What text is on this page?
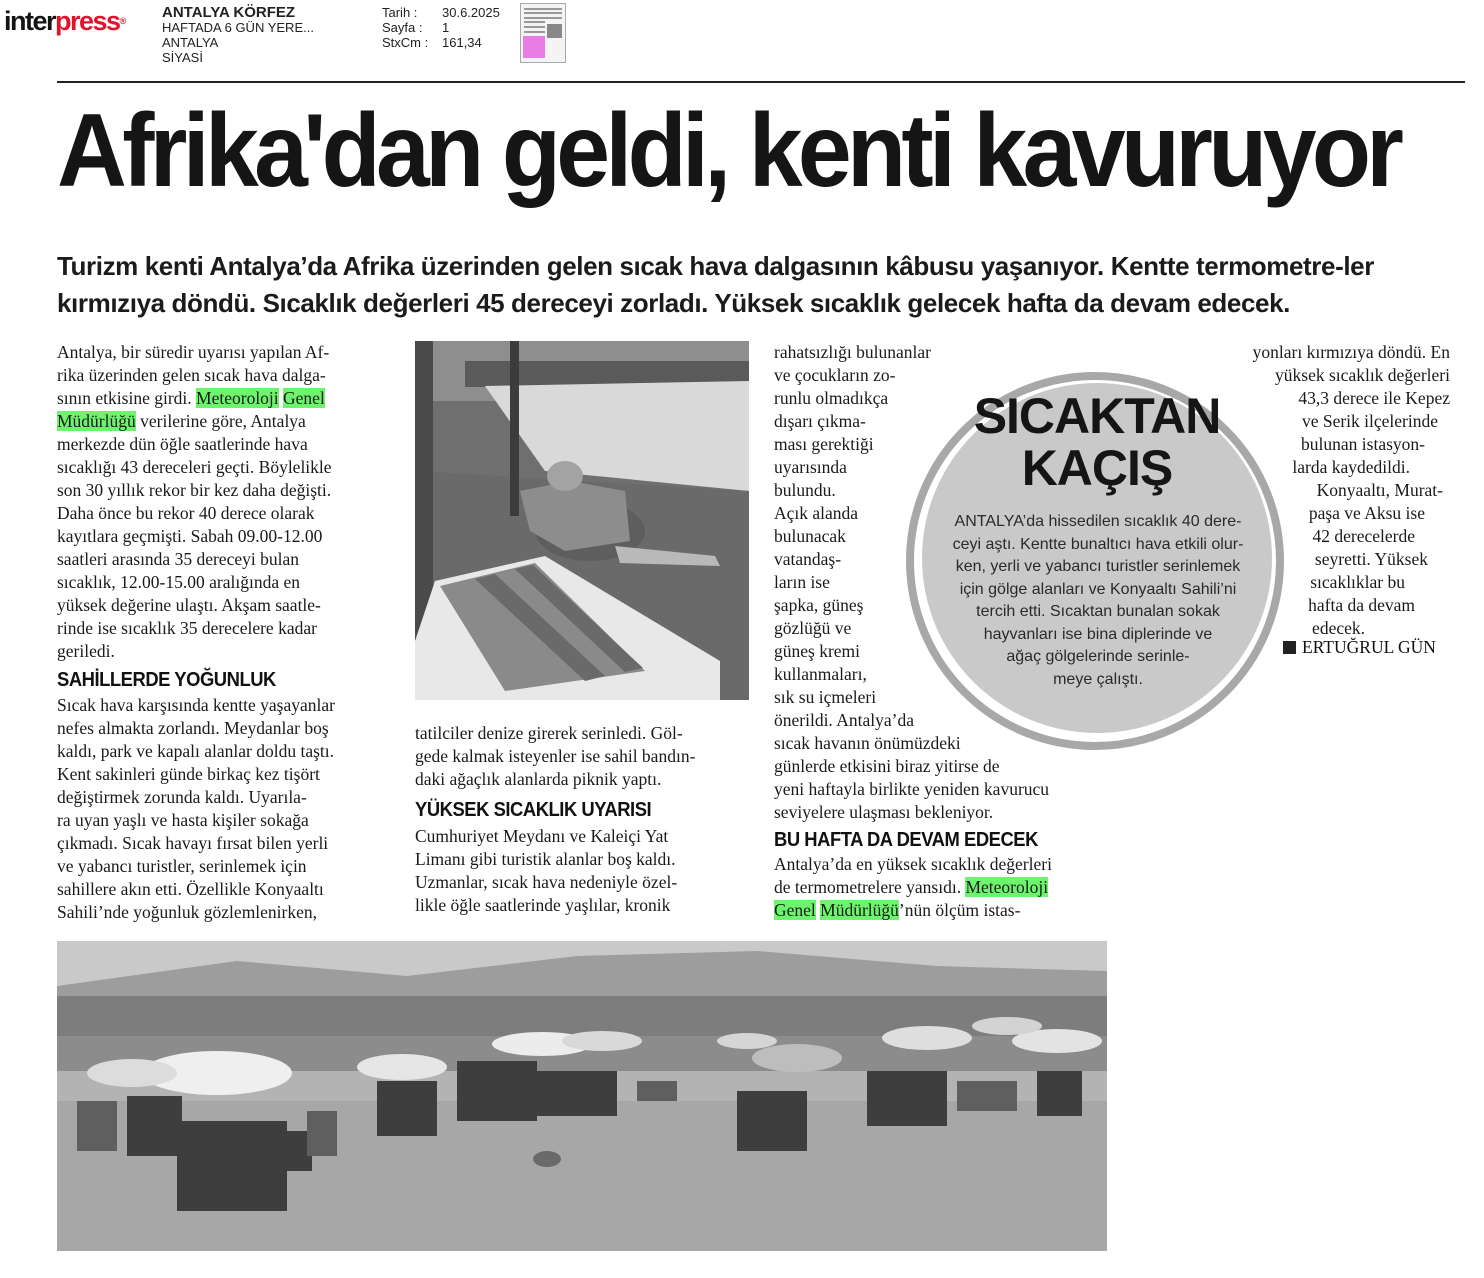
interpress® ANTALYA KÖRFEZ
HAFTADA 6 GÜN YERE...
ANTALYA
SİYASİ
Tarih :	30.6.2025
Sayfa :	1
StxCm :	161,34
Afrika'dan geldi, kenti kavuruyor
Turizm kenti Antalya’da Afrika üzerinden gelen sıcak hava dalgasının kâbusu yaşanıyor. Kentte termometre-ler kırmızıya döndü. Sıcaklık değerleri 45 dereceyi zorladı. Yüksek sıcaklık gelecek hafta da devam edecek.

Antalya, bir süredir uyarısı yapılan Af-

rika üzerinden gelen sıcak hava dalga-

sının etkisine girdi. Meteoroloji Genel

Müdürlüğü verilerine göre, Antalya

merkezde dün öğle saatlerinde hava

sıcaklığı 43 dereceleri geçti. Böylelikle

son 30 yıllık rekor bir kez daha değişti.

Daha önce bu rekor 40 derece olarak

kayıtlara geçmişti. Sabah 09.00-12.00

saatleri arasında 35 dereceyi bulan

sıcaklık, 12.00-15.00 aralığında en

yüksek değerine ulaştı. Akşam saatle-

rinde ise sıcaklık 35 derecelere kadar

geriledi.

SAHİLLERDE YOĞUNLUK

Sıcak hava karşısında kentte yaşayanlar

nefes almakta zorlandı. Meydanlar boş

kaldı, park ve kapalı alanlar doldu taştı.

Kent sakinleri günde birkaç kez tişört

değiştirmek zorunda kaldı. Uyarıla-

ra uyan yaşlı ve hasta kişiler sokağa

çıkmadı. Sıcak havayı fırsat bilen yerli

ve yabancı turistler, serinlemek için

sahillere akın etti. Özellikle Konyaaltı

Sahili’nde yoğunluk gözlemlenirken,

tatilciler denize girerek serinledi. Göl-

gede kalmak isteyenler ise sahil bandın-

daki ağaçlık alanlarda piknik yaptı.

YÜKSEK SICAKLIK UYARISI

Cumhuriyet Meydanı ve Kaleiçi Yat

Limanı gibi turistik alanlar boş kaldı.

Uzmanlar, sıcak hava nedeniyle özel-

likle öğle saatlerinde yaşlılar, kronik

SICAKTAN
KAÇIŞ
ANTALYA’da hissedilen sıcaklık 40 dere-
ceyi aştı. Kentte bunaltıcı hava etkili olur-
ken, yerli ve yabancı turistler serinlemek
için gölge alanları ve Konyaaltı Sahili’ni
tercih etti. Sıcaktan bunalan sokak
hayvanları ise bina diplerinde ve
ağaç gölgelerinde serinle-
meye çalıştı.

rahatsızlığı bulunanlar

ve çocukların zo-

runlu olmadıkça

dışarı çıkma-

ması gerektiği

uyarısında

bulundu.

Açık alanda

bulunacak

vatandaş-

ların ise

şapka, güneş

gözlüğü ve

güneş kremi

kullanmaları,

sık su içmeleri

önerildi. Antalya’da

sıcak havanın önümüzdeki

günlerde etkisini biraz yitirse de

yeni haftayla birlikte yeniden kavurucu

seviyelere ulaşması bekleniyor.

BU HAFTA DA DEVAM EDECEK

Antalya’da en yüksek sıcaklık değerleri

de termometrelere yansıdı. Meteoroloji

Genel Müdürlüğü’nün ölçüm istas-

yonları kırmızıya döndü. En

yüksek sıcaklık değerleri

43,3 derece ile Kepez

ve Serik ilçelerinde

bulunan istasyon-

larda kaydedildi.

Konyaaltı, Murat-

paşa ve Aksu ise

42 derecelerde

seyretti. Yüksek

sıcaklıklar bu

hafta da devam

edecek.

ERTUĞRUL GÜN
